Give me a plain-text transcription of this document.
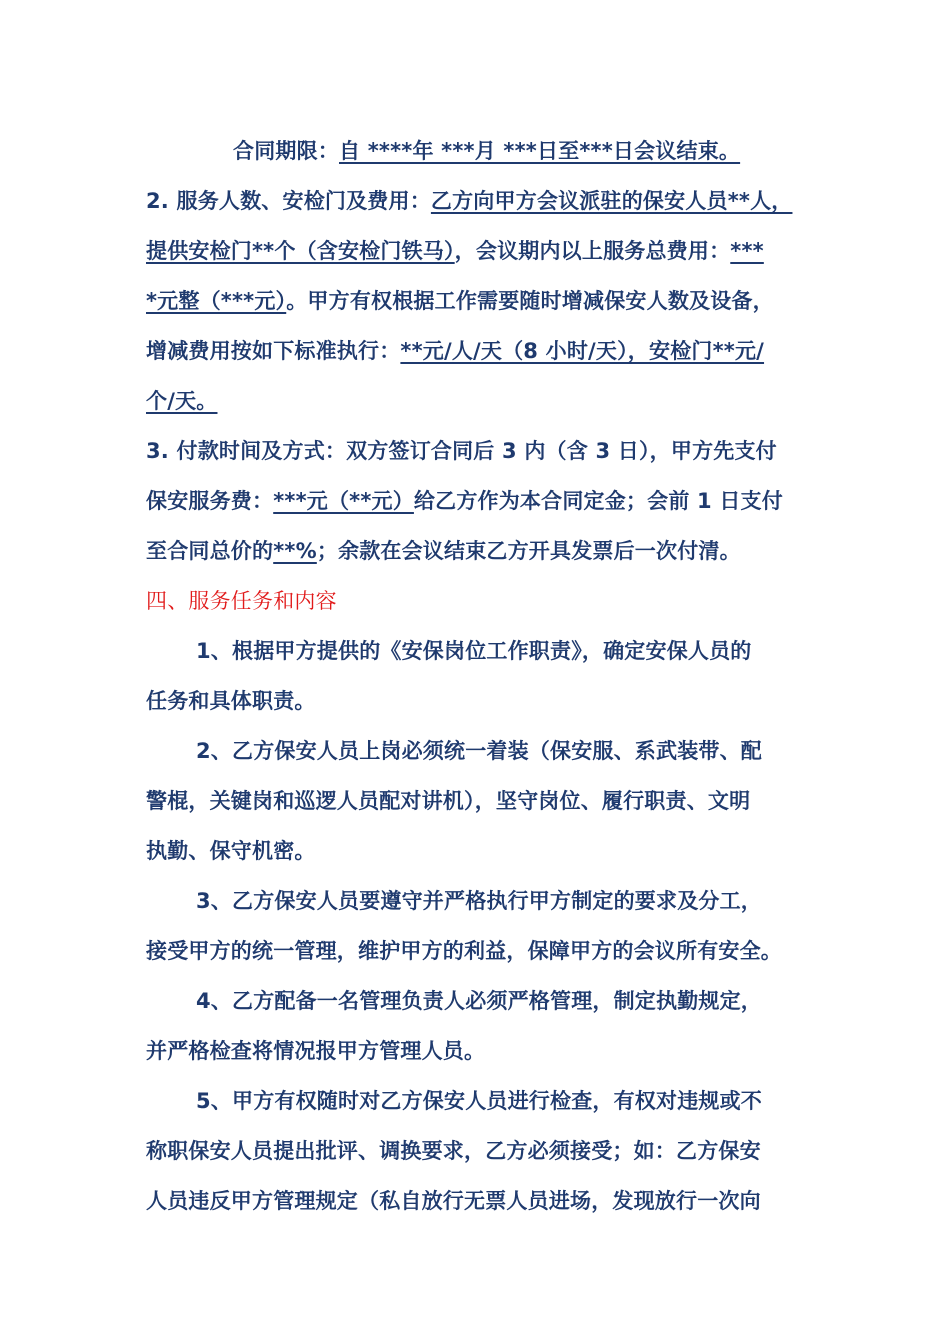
合同期限：自 ****年 ***月 ***日至***日会议结束。
2. 服务人数、安检门及费用：乙方向甲方会议派驻的保安人员**人，
提供安检门**个（含安检门铁马），会议期内以上服务总费用：***
*元整（***元）。甲方有权根据工作需要随时增减保安人数及设备，
增减费用按如下标准执行：**元/人/天（8 小时/天），安检门**元/
个/天。
3. 付款时间及方式：双方签订合同后 3 内（含 3 日），甲方先支付
保安服务费：***元（**元）给乙方作为本合同定金；会前 1 日支付
至合同总价的**%；余款在会议结束乙方开具发票后一次付清。
四、服务任务和内容
1、根据甲方提供的《安保岗位工作职责》，确定安保人员的
任务和具体职责。
2、乙方保安人员上岗必须统一着装（保安服、系武装带、配
警棍，关键岗和巡逻人员配对讲机），坚守岗位、履行职责、文明
执勤、保守机密。
3、乙方保安人员要遵守并严格执行甲方制定的要求及分工，
接受甲方的统一管理，维护甲方的利益，保障甲方的会议所有安全。
4、乙方配备一名管理负责人必须严格管理，制定执勤规定，
并严格检查将情况报甲方管理人员。
5、甲方有权随时对乙方保安人员进行检查，有权对违规或不
称职保安人员提出批评、调换要求，乙方必须接受；如：乙方保安
人员违反甲方管理规定（私自放行无票人员进场，发现放行一次向
